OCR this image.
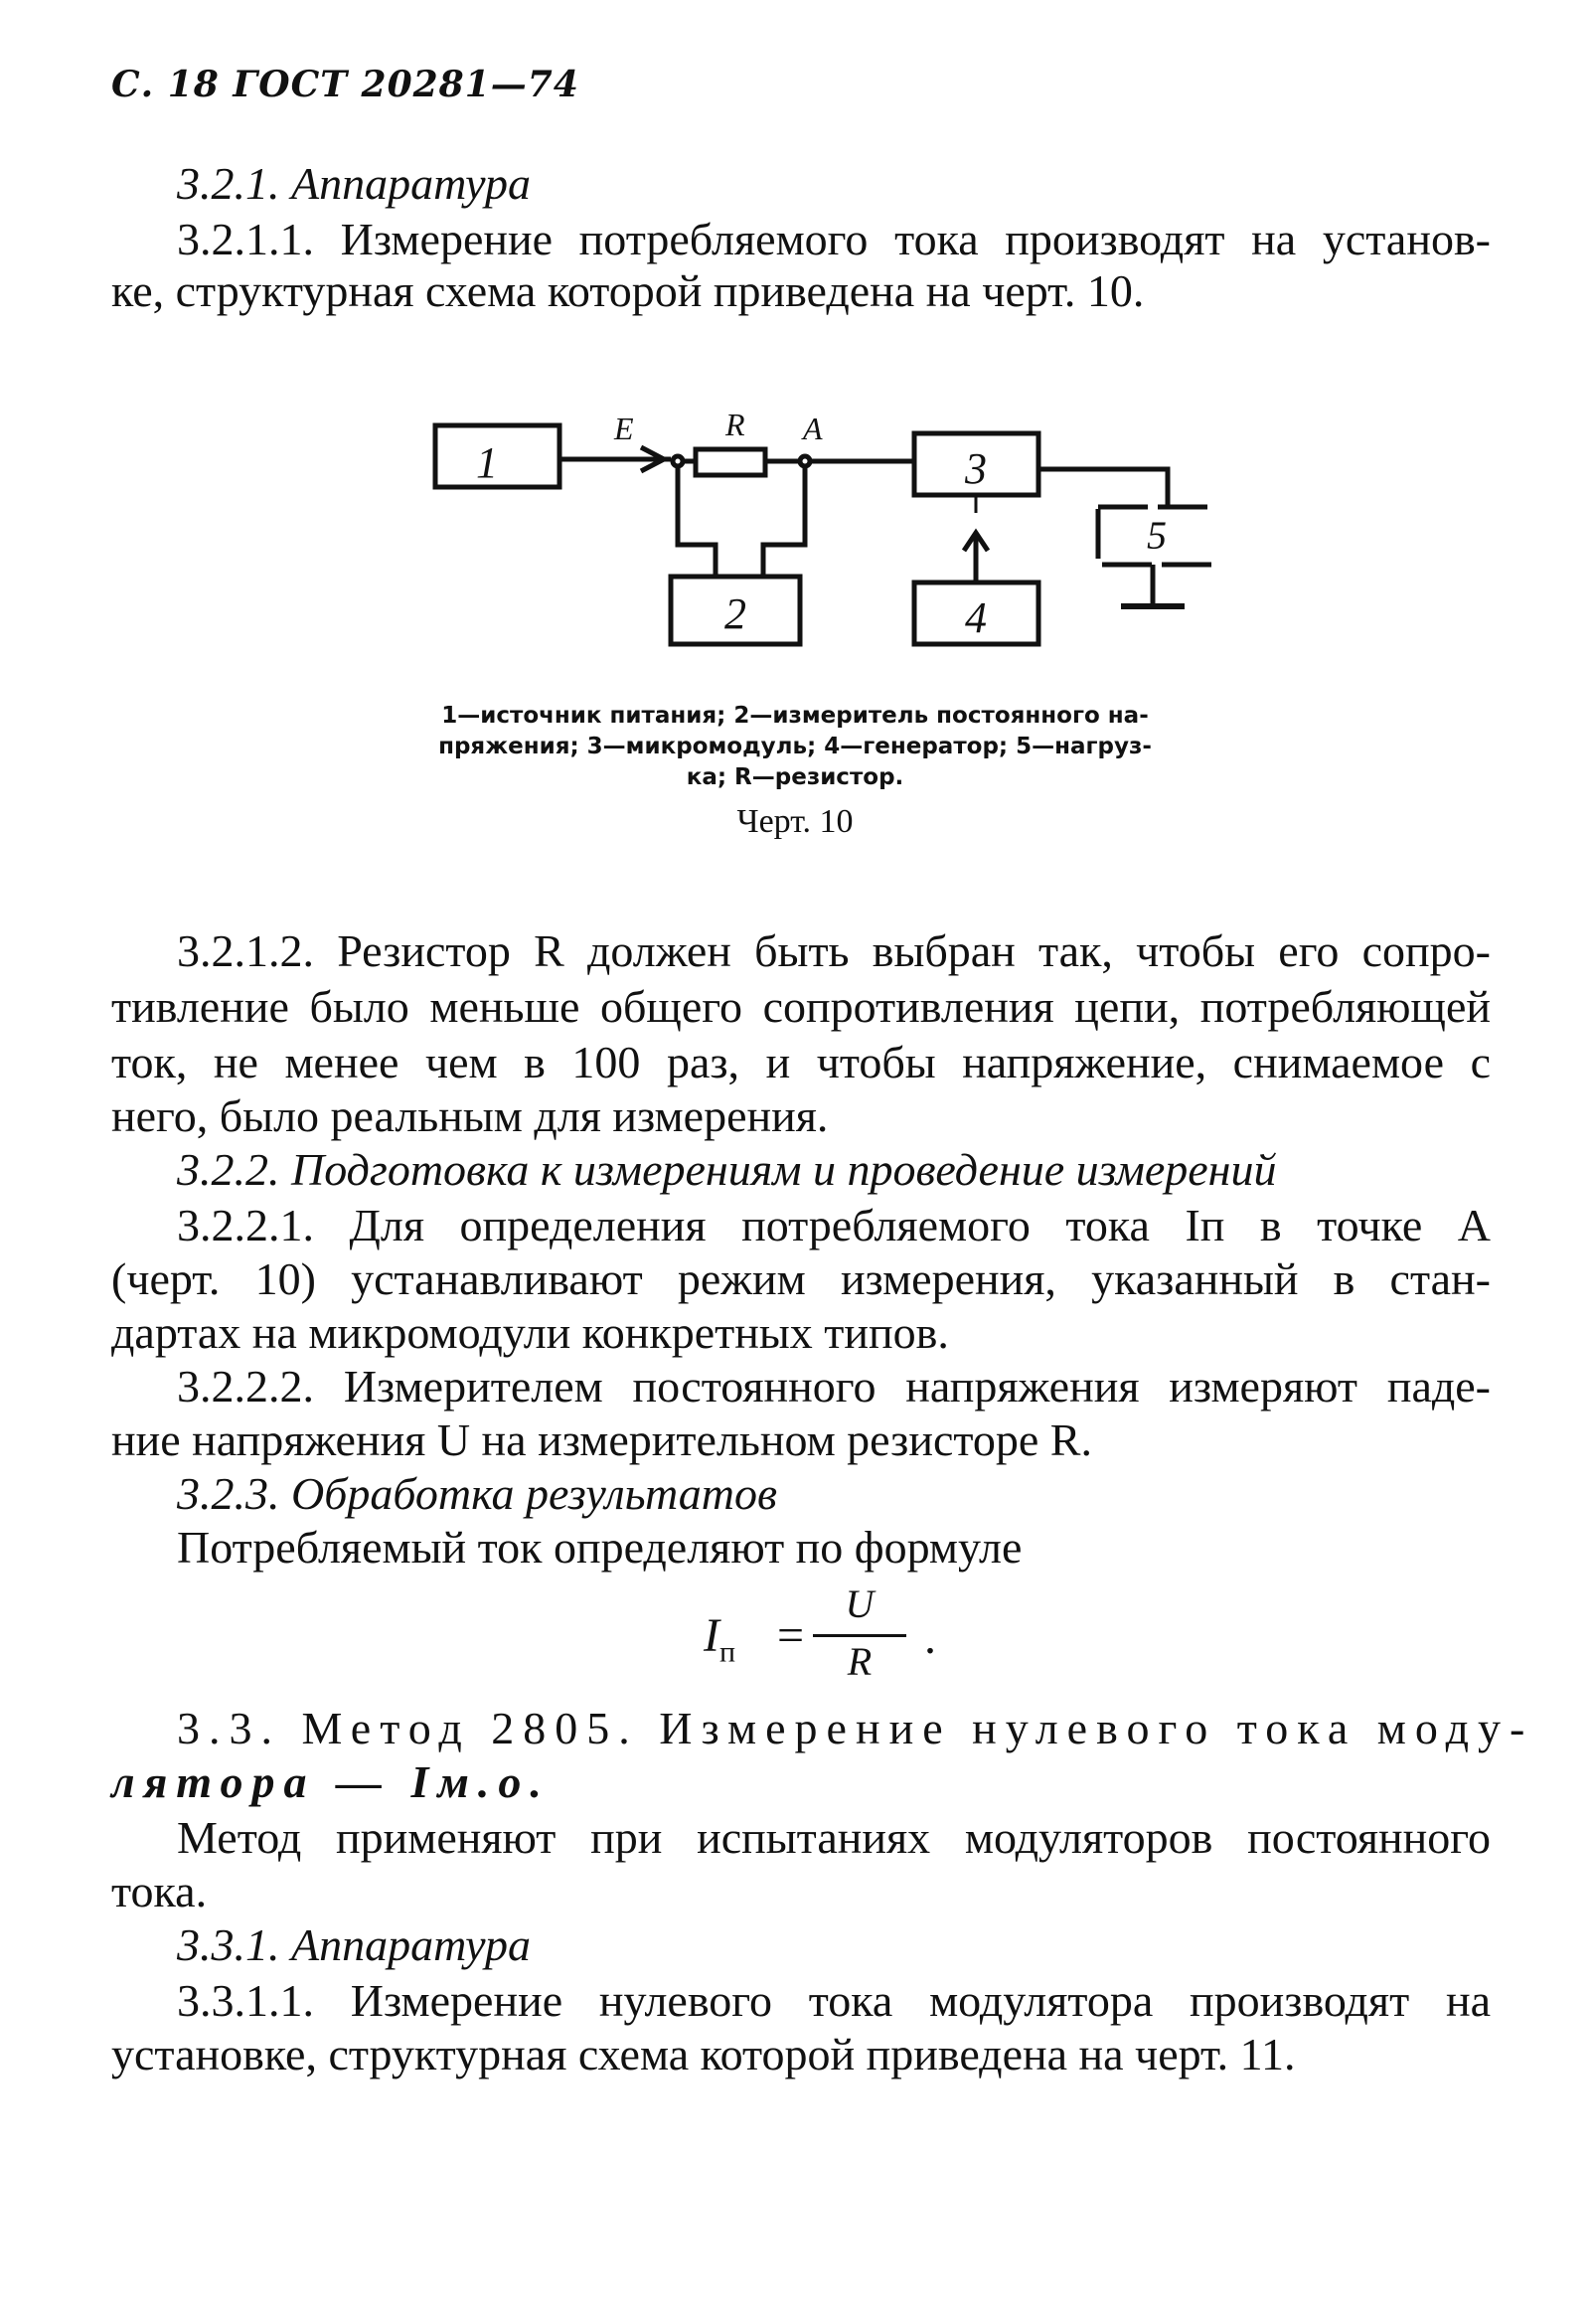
С. 18 ГОСТ 20281—74
3.2.1. Аппаратура
3.2.1.1. Измерение потребляемого тока производят на установ-
ке, структурная схема которой приведена на черт. 10.
1
2
3
4
5
E	R A
1—источник питания; 2—измеритель постоянного на-
пряжения; 3—микромодуль; 4—генератор; 5—нагруз-
ка; R—резистор.
Черт. 10
3.2.1.2. Резистор R должен быть выбран так, чтобы его сопро-
тивление было меньше общего сопротивления цепи, потребляющей
ток, не менее чем в 100 раз, и чтобы напряжение, снимаемое с
него, было реальным для измерения.
3.2.2. Подготовка к измерениям и проведение измерений
3.2.2.1. Для определения потребляемого тока Iп в точке А
(черт. 10) устанавливают режим измерения, указанный в стан-
дартах на микромодули конкретных типов.
3.2.2.2. Измерителем постоянного напряжения измеряют паде-
ние напряжения U на измерительном резисторе R.
3.2.3. Обработка результатов
Потребляемый ток определяют по формуле
$I_п$ =
U
R	.
3.3. Метод 2805. Измерение нулевого тока моду-
лятора — Iм.о.
Метод применяют при испытаниях модуляторов постоянного
тока.
3.3.1. Аппаратура
3.3.1.1. Измерение нулевого тока модулятора производят на
установке, структурная схема которой приведена на черт. 11.
